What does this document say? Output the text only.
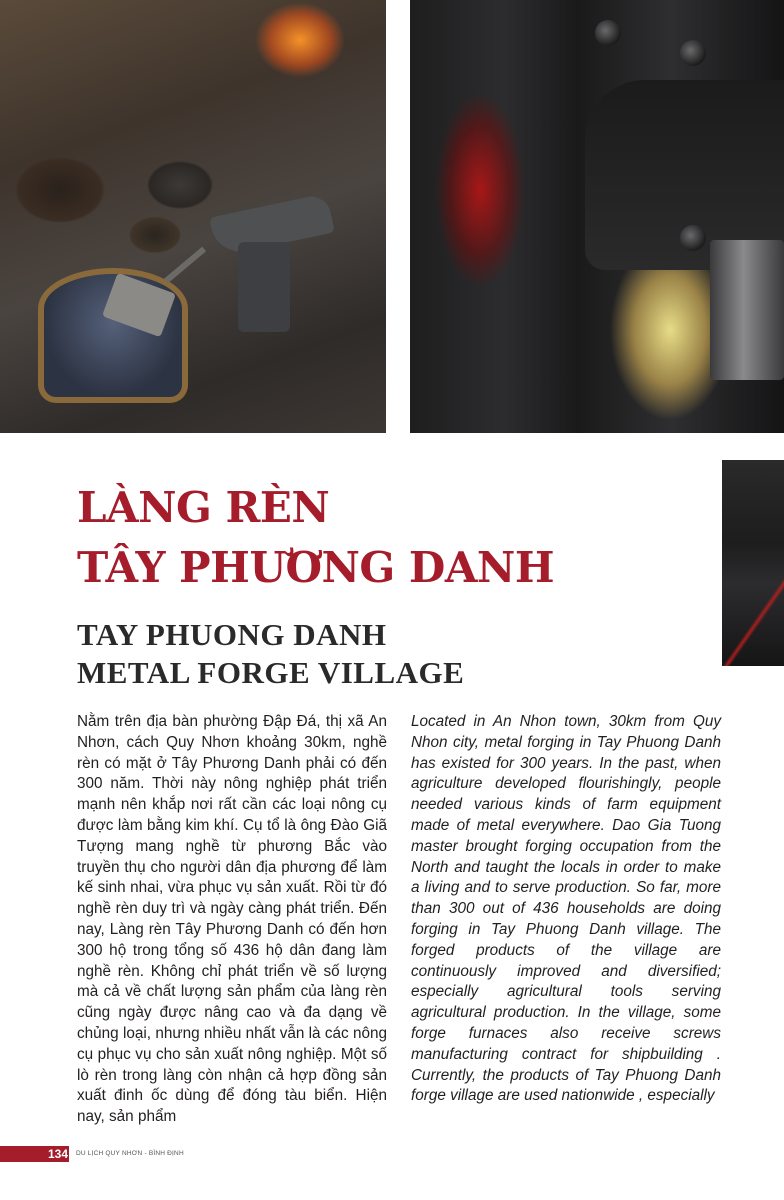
LÀNG RÈN
TÂY PHƯƠNG DANH
TAY PHUONG DANH
METAL FORGE VILLAGE

Nằm trên địa bàn phường Đập Đá, thị xã An Nhơn, cách Quy Nhơn khoảng 30km, nghề rèn có mặt ở Tây Phương Danh phải có đến 300 năm. Thời này nông nghiệp phát triển mạnh nên khắp nơi rất cần các loại nông cụ được làm bằng kim khí. Cụ tổ là ông Đào Giã Tượng mang nghề từ phương Bắc vào truyền thụ cho người dân địa phương để làm kế sinh nhai, vừa phục vụ sản xuất. Rồi từ đó nghề rèn duy trì và ngày càng phát triển. Đến nay, Làng rèn Tây Phương Danh có đến hơn 300 hộ trong tổng số 436 hộ dân đang làm nghề rèn. Không chỉ phát triển về số lượng mà cả về chất lượng sản phẩm của làng rèn cũng ngày được nâng cao và đa dạng về chủng loại, nhưng nhiều nhất vẫn là các nông cụ phục vụ cho sản xuất nông nghiệp. Một số lò rèn trong làng còn nhận cả hợp đồng sản xuất đinh ốc dùng để đóng tàu biển. Hiện nay, sản phẩm

Located in An Nhon town, 30km from Quy Nhon city, metal forging in Tay Phuong Danh has existed for 300 years. In the past, when agriculture developed flourishingly, people needed various kinds of farm equipment made of metal everywhere. Dao Gia Tuong master brought forging occupation from the North and taught the locals in order to make a living and to serve production. So far, more than 300 out of 436 households are doing forging in Tay Phuong Danh village. The forged products of the village are continuously improved and diversified; especially agricultural tools serving agricultural production. In the village, some forge furnaces also receive screws manufacturing contract for shipbuilding . Currently, the products of Tay Phuong Danh forge village are used nationwide , especially

134 DU LỊCH QUY NHƠN - BÌNH ĐỊNH
